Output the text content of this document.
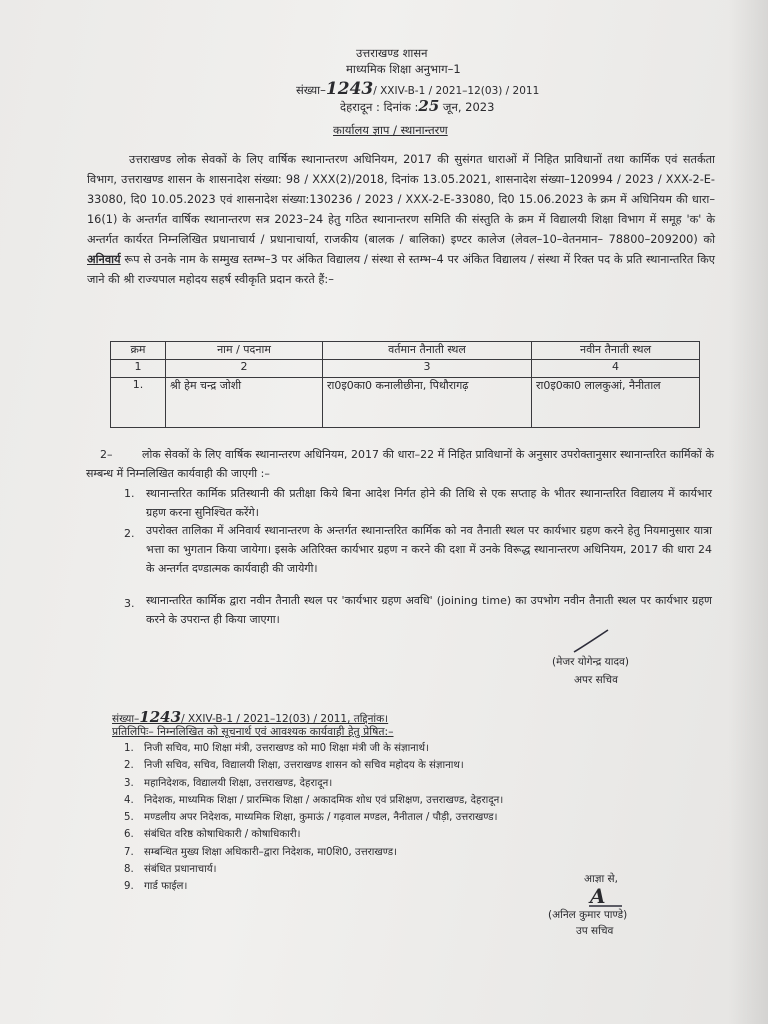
उत्तराखण्ड शासन
माध्यमिक शिक्षा अनुभाग–1
संख्या–1243/ XXIV-B-1 / 2021–12(03) / 2011
देहरादून : दिनांक :25 जून, 2023
कार्यालय ज्ञाप / स्थानान्तरण

उत्तराखण्ड लोक सेवकों के लिए वार्षिक स्थानान्तरण अधिनियम, 2017 की सुसंगत धाराओं में निहित प्राविधानों तथा कार्मिक एवं सतर्कता विभाग, उत्तराखण्ड शासन के शासनादेश संख्या: 98 / XXX(2)/2018, दिनांक 13.05.2021, शासनादेश संख्या–120994 / 2023 / XXX-2-E-33080, दि0 10.05.2023 एवं शासनादेश संख्या:130236 / 2023 / XXX-2-E-33080, दि0 15.06.2023 के क्रम में अधिनियम की धारा–16(1) के अन्तर्गत वार्षिक स्थानान्तरण सत्र 2023–24 हेतु गठित स्थानान्तरण समिति की संस्तुति के क्रम में विद्यालयी शिक्षा विभाग में समूह 'क' के अन्तर्गत कार्यरत निम्नलिखित प्रधानाचार्य / प्रधानाचार्या, राजकीय (बालक / बालिका) इण्टर कालेज (लेवल–10–वेतनमान– 78800–209200) को अनिवार्य रूप से उनके नाम के सम्मुख स्तम्भ–3 पर अंकित विद्यालय / संस्था से स्तम्भ–4 पर अंकित विद्यालय / संस्था में रिक्त पद के प्रति स्थानान्तरित किए जाने की श्री राज्यपाल महोदय सहर्ष स्वीकृति प्रदान करते हैं:–

क्रम	नाम / पदनाम	वर्तमान तैनाती स्थल	नवीन तैनाती स्थल
1	2	3	4
1.	श्री हेम चन्द्र जोशी	रा0इ0का0 कनालीछीना, पिथौरागढ़	रा0इ0का0 लालकुआं, नैनीताल
2–	लोक सेवकों के लिए वार्षिक स्थानान्तरण अधिनियम, 2017 की धारा–22 में निहित प्राविधानों के अनुसार उपरोक्तानुसार स्थानान्तरित कार्मिकों के सम्बन्ध में निम्नलिखित कार्यवाही की जाएगी :–
1. स्थानान्तरित कार्मिक प्रतिस्थानी की प्रतीक्षा किये बिना आदेश निर्गत होने की तिथि से एक सप्ताह के भीतर स्थानान्तरित विद्यालय में कार्यभार ग्रहण करना सुनिश्चित करेंगे।
2. उपरोक्त तालिका में अनिवार्य स्थानान्तरण के अन्तर्गत स्थानान्तरित कार्मिक को नव तैनाती स्थल पर कार्यभार ग्रहण करने हेतु नियमानुसार यात्रा भत्ता का भुगतान किया जायेगा। इसके अतिरिक्त कार्यभार ग्रहण न करने की दशा में उनके विरूद्ध स्थानान्तरण अधिनियम, 2017 की धारा 24 के अन्तर्गत दण्डात्मक कार्यवाही की जायेगी।
3. स्थानान्तरित कार्मिक द्वारा नवीन तैनाती स्थल पर 'कार्यभार ग्रहण अवधि' (joining time) का उपभोग नवीन तैनाती स्थल पर कार्यभार ग्रहण करने के उपरान्त ही किया जाएगा।
(मेजर योगेन्द्र यादव)
अपर सचिव
संख्या–1243/ XXIV-B-1 / 2021–12(03) / 2011, तद्दिनांक।
प्रतिलिपिः– निम्नलिखित को सूचनार्थ एवं आवश्यक कार्यवाही हेतु प्रेषित:–
1. निजी सचिव, मा0 शिक्षा मंत्री, उत्तराखण्ड को मा0 शिक्षा मंत्री जी के संज्ञानार्थ।
2. निजी सचिव, सचिव, विद्यालयी शिक्षा, उत्तराखण्ड शासन को सचिव महोदय के संज्ञानाथ।
3. महानिदेशक, विद्यालयी शिक्षा, उत्तराखण्ड, देहरादून।
4. निदेशक, माध्यमिक शिक्षा / प्रारम्भिक शिक्षा / अकादमिक शोध एवं प्रशिक्षण, उत्तराखण्ड, देहरादून।
5. मण्डलीय अपर निदेशक, माध्यमिक शिक्षा, कुमाऊं / गढ़वाल मण्डल, नैनीताल / पौड़ी, उत्तराखण्ड।
6. संबंधित वरिष्ठ कोषाधिकारी / कोषाधिकारी।
7. सम्बन्धित मुख्य शिक्षा अधिकारी–द्वारा निदेशक, मा0शि0, उत्तराखण्ड।
8. संबंधित प्रधानाचार्य।
9. गार्ड फाईल।
आज्ञा से,
A
(अनिल कुमार पाण्डे)
उप सचिव
